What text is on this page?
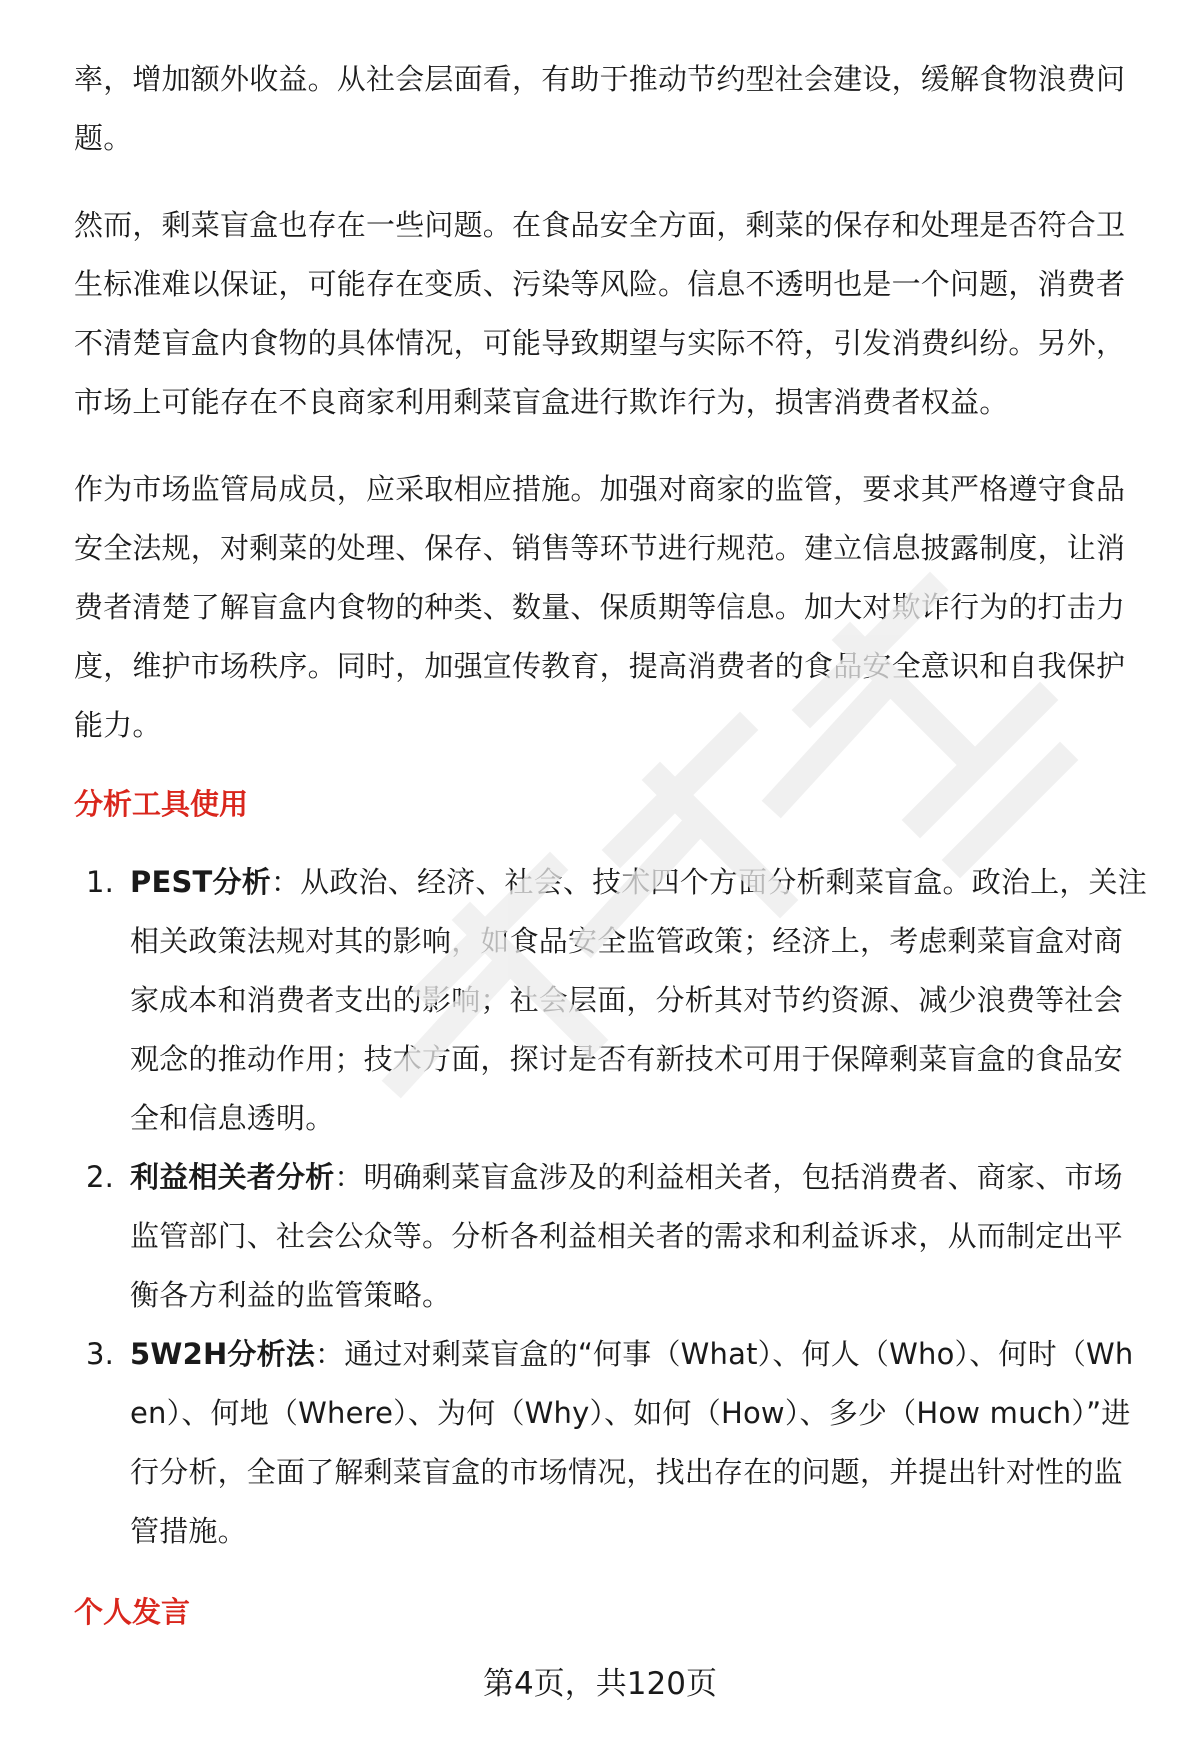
率，增加额外收益。从社会层面看，有助于推动节约型社会建设，缓解食物浪费问题。

然而，剩菜盲盒也存在一些问题。在食品安全方面，剩菜的保存和处理是否符合卫生标准难以保证，可能存在变质、污染等风险。信息不透明也是一个问题，消费者不清楚盲盒内食物的具体情况，可能导致期望与实际不符，引发消费纠纷。另外，市场上可能存在不良商家利用剩菜盲盒进行欺诈行为，损害消费者权益。

作为市场监管局成员，应采取相应措施。加强对商家的监管，要求其严格遵守食品安全法规，对剩菜的处理、保存、销售等环节进行规范。建立信息披露制度，让消费者清楚了解盲盒内食物的种类、数量、保质期等信息。加大对欺诈行为的打击力度，维护市场秩序。同时，加强宣传教育，提高消费者的食品安全意识和自我保护能力。

分析工具使用
1. PEST分析：从政治、经济、社会、技术四个方面分析剩菜盲盒。政治上，关注相关政策法规对其的影响，如食品安全监管政策；经济上，考虑剩菜盲盒对商家成本和消费者支出的影响；社会层面，分析其对节约资源、减少浪费等社会观念的推动作用；技术方面，探讨是否有新技术可用于保障剩菜盲盒的食品安全和信息透明。
2. 利益相关者分析：明确剩菜盲盒涉及的利益相关者，包括消费者、商家、市场监管部门、社会公众等。分析各利益相关者的需求和利益诉求，从而制定出平衡各方利益的监管策略。
3. 5W2H分析法：通过对剩菜盲盒的“何事（What）、何人（Who）、何时（When）、何地（Where）、为何（Why）、如何（How）、多少（How much）”进行分析，全面了解剩菜盲盒的市场情况，找出存在的问题，并提出针对性的监管措施。
个人发言
第4页，共120页
